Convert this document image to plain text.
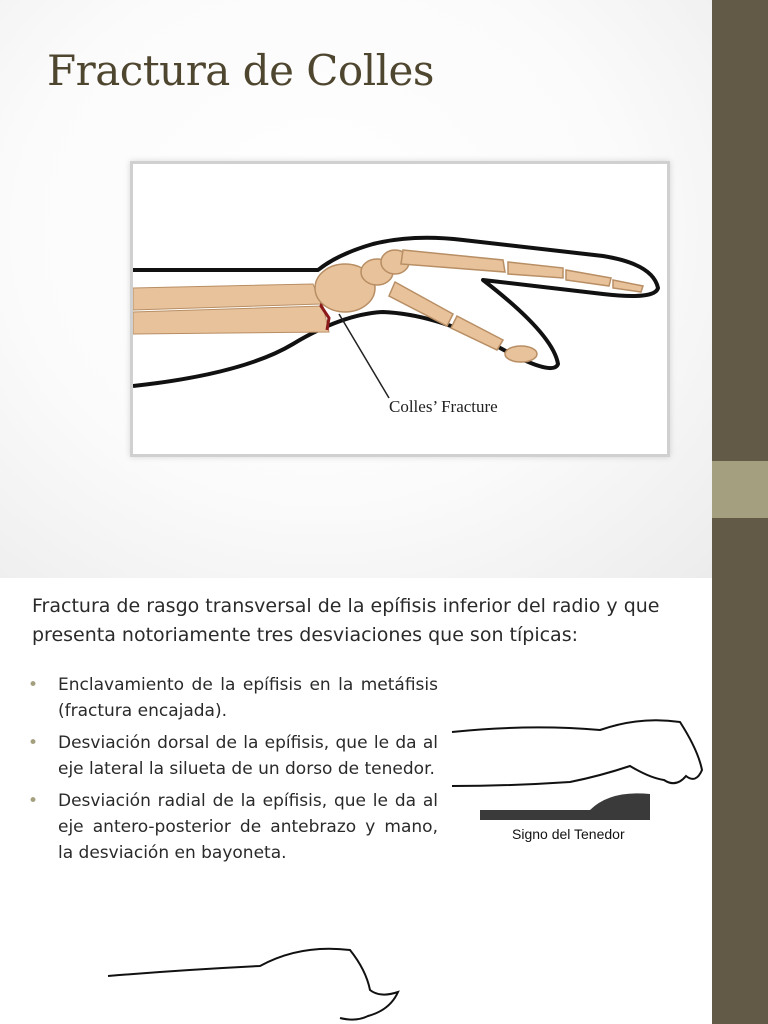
Fractura de Colles
Colles’ Fracture
Fractura de rasgo transversal de la epífisis inferior del radio y que presenta notoriamente tres desviaciones que son típicas:
• Enclavamiento de la epífisis en la metáfisis (fractura encajada).
• Desviación dorsal de la epífisis, que le da al eje lateral la silueta de un dorso de tenedor.
• Desviación radial de la epífisis, que le da al eje antero-posterior de antebrazo y mano, la desviación en bayoneta.
Signo del Tenedor
